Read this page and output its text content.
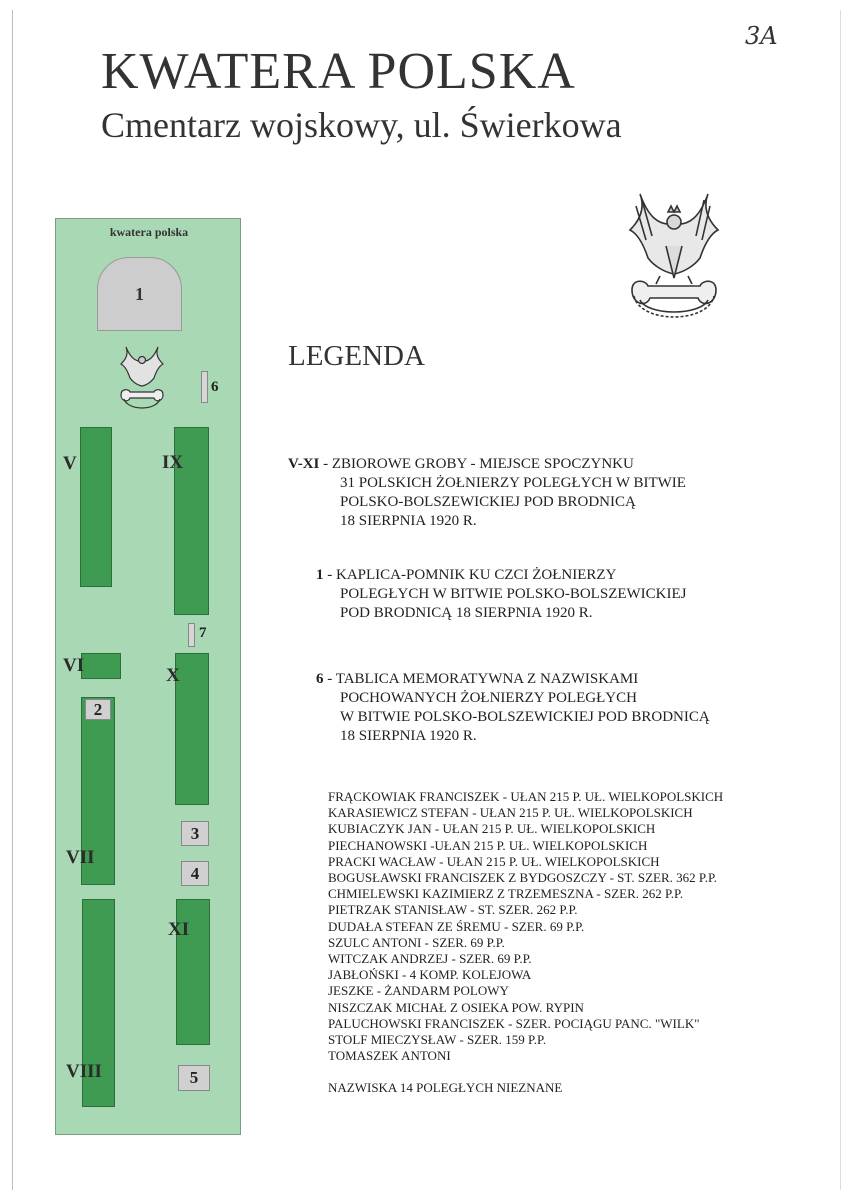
3A
KWATERA POLSKA
Cmentarz wojskowy, ul. Świerkowa
kwatera polska
1
6
V	IX
7
VI	X
2
VII
3
4
VIII
XI
5
LEGENDA
V-XI - ZBIOROWE GROBY - MIEJSCE SPOCZYNKU
31 POLSKICH ŻOŁNIERZY POLEGŁYCH W BITWIE
POLSKO-BOLSZEWICKIEJ POD BRODNICĄ
18 SIERPNIA 1920 R.
1 - KAPLICA-POMNIK KU CZCI ŻOŁNIERZY
POLEGŁYCH W BITWIE POLSKO-BOLSZEWICKIEJ
POD BRODNICĄ 18 SIERPNIA 1920 R.
6 - TABLICA MEMORATYWNA Z NAZWISKAMI
POCHOWANYCH ŻOŁNIERZY POLEGŁYCH
W BITWIE POLSKO-BOLSZEWICKIEJ POD BRODNICĄ
18 SIERPNIA 1920 R.
FRĄCKOWIAK FRANCISZEK - UŁAN 215 P. UŁ. WIELKOPOLSKICH
KARASIEWICZ STEFAN - UŁAN 215 P. UŁ. WIELKOPOLSKICH
KUBIACZYK JAN - UŁAN 215 P. UŁ. WIELKOPOLSKICH
PIECHANOWSKI -UŁAN 215 P. UŁ. WIELKOPOLSKICH
PRACKI WACŁAW - UŁAN 215 P. UŁ. WIELKOPOLSKICH
BOGUSŁAWSKI FRANCISZEK Z BYDGOSZCZY - ST. SZER. 362 P.P.
CHMIELEWSKI KAZIMIERZ Z TRZEMESZNA - SZER. 262 P.P.
PIETRZAK STANISŁAW - ST. SZER. 262 P.P.
DUDAŁA STEFAN ZE ŚREMU - SZER. 69 P.P.
SZULC ANTONI - SZER. 69 P.P.
WITCZAK ANDRZEJ - SZER. 69 P.P.
JABŁOŃSKI - 4 KOMP. KOLEJOWA
JESZKE - ŻANDARM POLOWY
NISZCZAK MICHAŁ Z OSIEKA POW. RYPIN
PALUCHOWSKI FRANCISZEK - SZER. POCIĄGU PANC. "WILK"
STOLF MIECZYSŁAW - SZER. 159 P.P.
TOMASZEK ANTONI
NAZWISKA 14 POLEGŁYCH NIEZNANE
